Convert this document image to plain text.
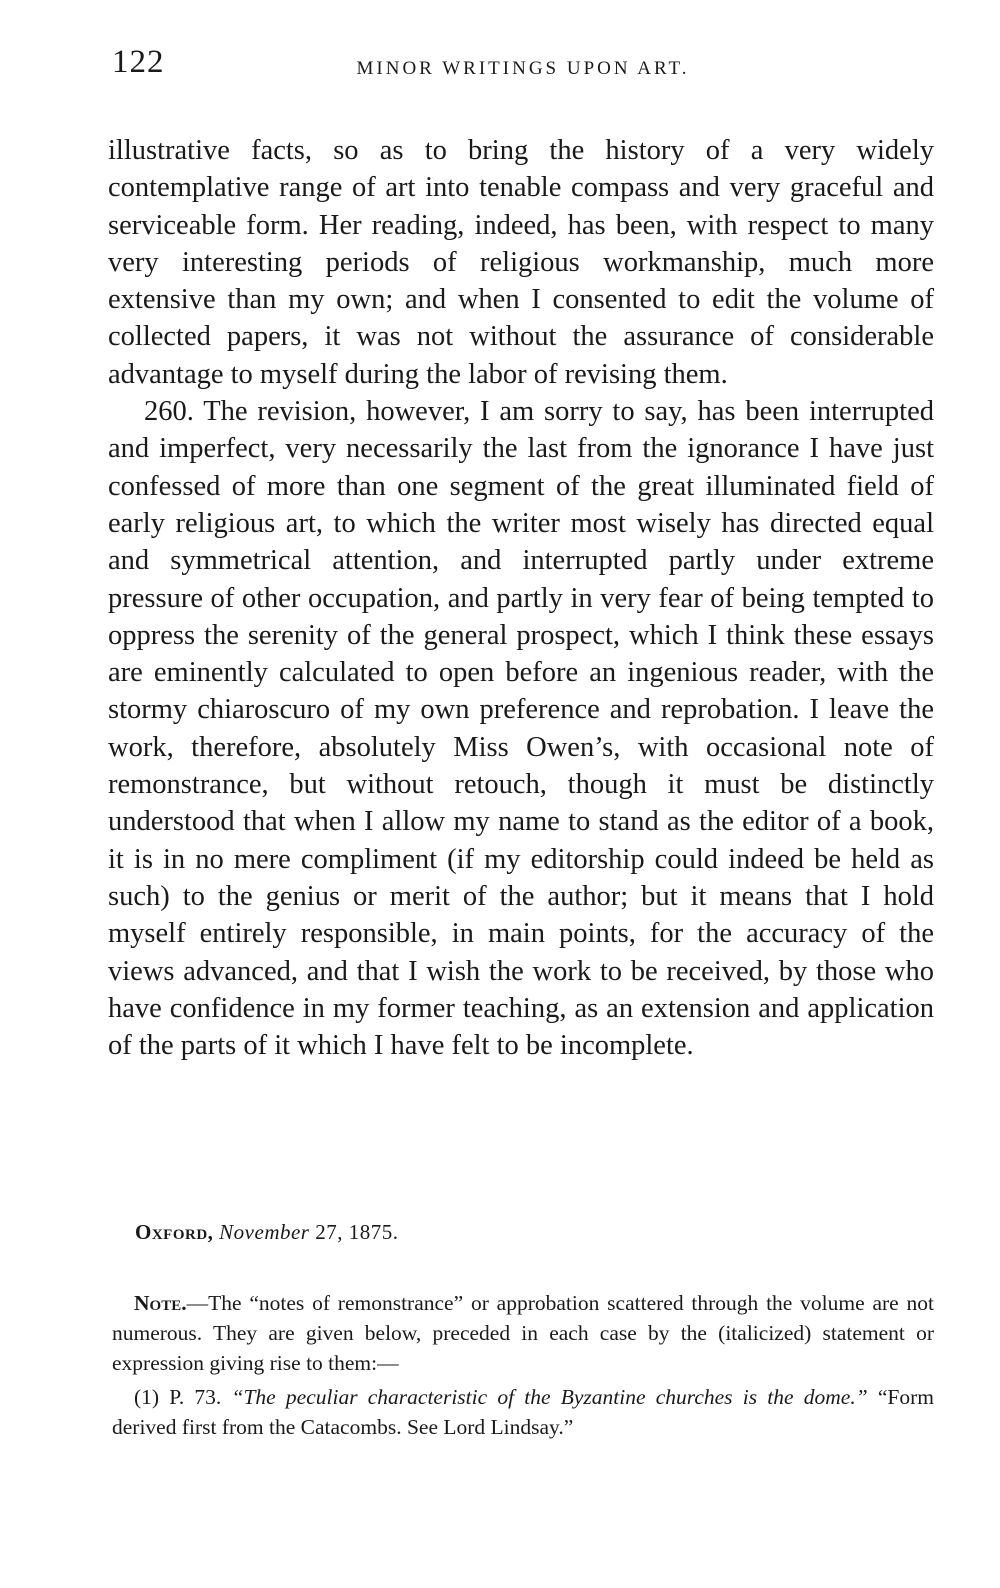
122	MINOR WRITINGS UPON ART.

illustrative facts, so as to bring the history of a very widely contemplative range of art into tenable compass and very graceful and serviceable form. Her reading, indeed, has been, with respect to many very interesting periods of religious workmanship, much more extensive than my own; and when I consented to edit the volume of collected papers, it was not without the assurance of considerable advantage to myself during the labor of revising them.

260. The revision, however, I am sorry to say, has been interrupted and imperfect, very necessarily the last from the ignorance I have just confessed of more than one segment of the great illuminated field of early religious art, to which the writer most wisely has directed equal and symmetrical attention, and interrupted partly under extreme pressure of other occupation, and partly in very fear of being tempted to oppress the serenity of the general prospect, which I think these essays are eminently calculated to open before an ingenious reader, with the stormy chiaroscuro of my own preference and reprobation. I leave the work, therefore, absolutely Miss Owen’s, with occasional note of remonstrance, but without retouch, though it must be distinctly understood that when I allow my name to stand as the editor of a book, it is in no mere compliment (if my editorship could indeed be held as such) to the genius or merit of the author; but it means that I hold myself entirely responsible, in main points, for the accuracy of the views advanced, and that I wish the work to be received, by those who have confidence in my former teaching, as an extension and application of the parts of it which I have felt to be incomplete.

Oxford, November 27, 1875.

Note.—The “notes of remonstrance” or approbation scattered through the volume are not numerous. They are given below, preceded in each case by the (italicized) statement or expression giving rise to them:—

(1) P. 73. “The peculiar characteristic of the Byzantine churches is the dome.” “Form derived first from the Catacombs. See Lord Lindsay.”
